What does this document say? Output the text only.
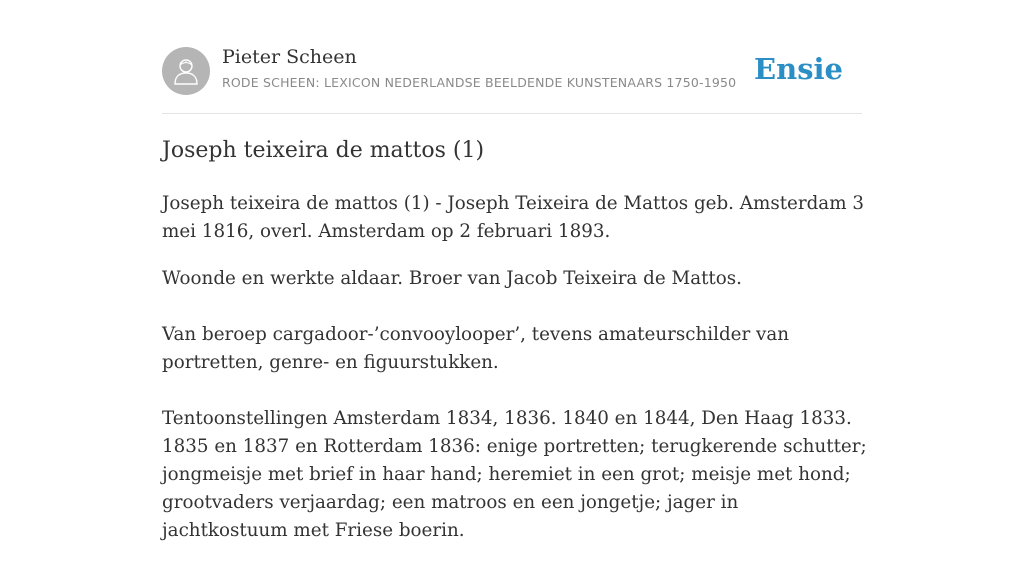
Pieter Scheen
RODE SCHEEN: LEXICON NEDERLANDSE BEELDENDE KUNSTENAARS 1750-1950 Ensie
Joseph teixeira de mattos (1)

Joseph teixeira de mattos (1) - Joseph Teixeira de Mattos geb. Amsterdam 3 mei 1816, overl. Amsterdam op 2 februari 1893.

Woonde en werkte aldaar. Broer van Jacob Teixeira de Mattos.

Van beroep cargadoor-’convooylooper’, tevens amateurschilder van portretten, genre- en figuurstukken.

Tentoonstellingen Amsterdam 1834, 1836. 1840 en 1844, Den Haag 1833. 1835 en 1837 en Rotterdam 1836: enige portretten; terugkerende schutter; jongmeisje met brief in haar hand; heremiet in een grot; meisje met hond; grootvaders verjaardag; een matroos en een jongetje; jager in jachtkostuum met Friese boerin.
